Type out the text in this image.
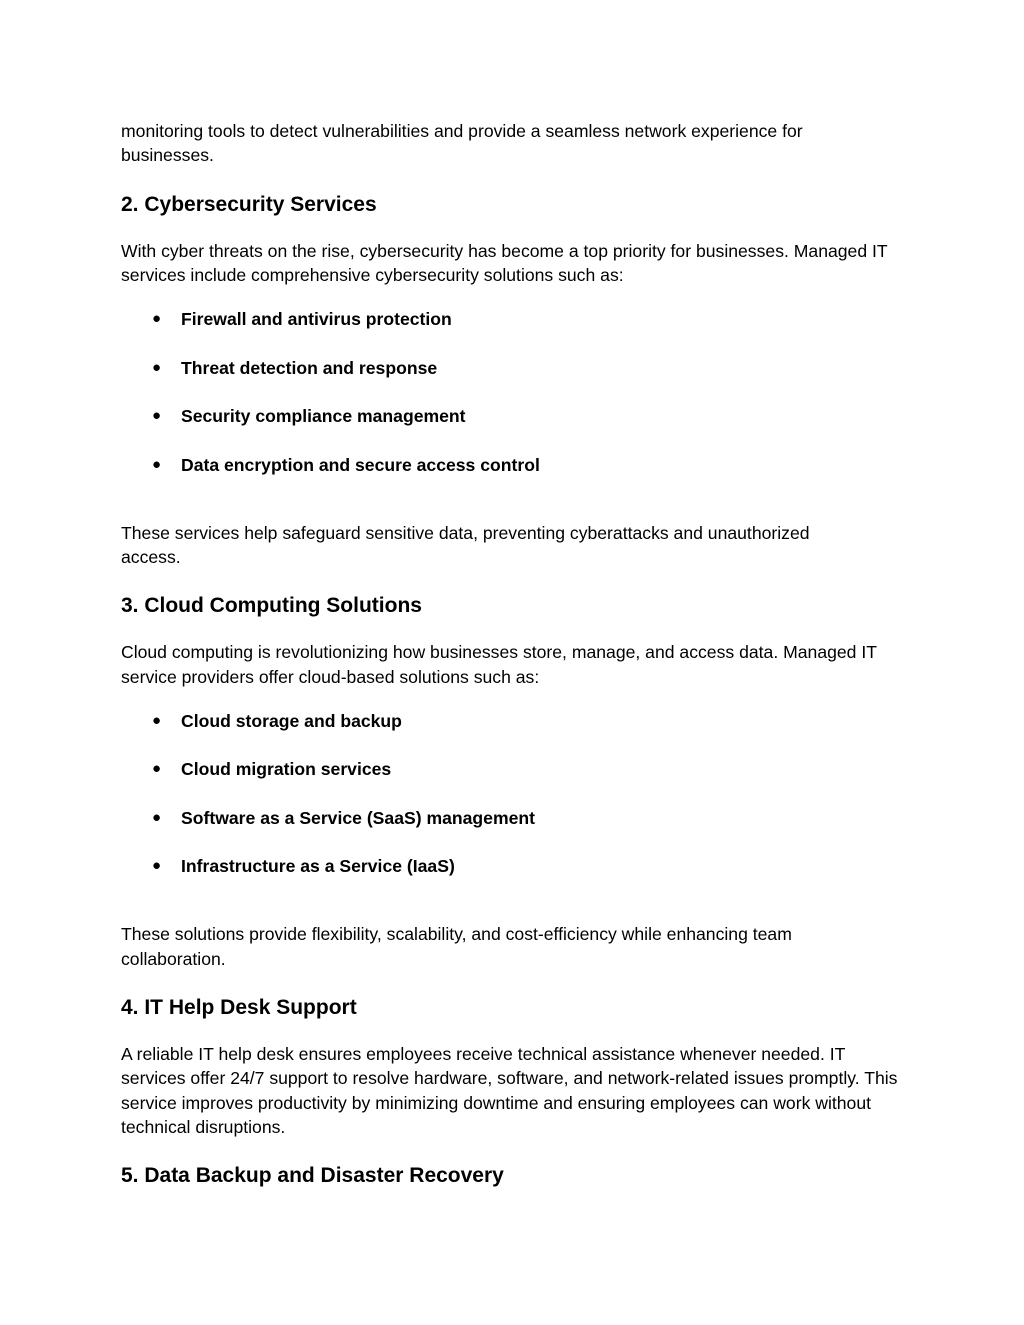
monitoring tools to detect vulnerabilities and provide a seamless network experience for businesses.

2. Cybersecurity Services

With cyber threats on the rise, cybersecurity has become a top priority for businesses. Managed IT services include comprehensive cybersecurity solutions such as:

● Firewall and antivirus protection
● Threat detection and response
● Security compliance management
● Data encryption and secure access control

These services help safeguard sensitive data, preventing cyberattacks and unauthorized access.

3. Cloud Computing Solutions

Cloud computing is revolutionizing how businesses store, manage, and access data. Managed IT service providers offer cloud-based solutions such as:

● Cloud storage and backup
● Cloud migration services
● Software as a Service (SaaS) management
● Infrastructure as a Service (IaaS)

These solutions provide flexibility, scalability, and cost-efficiency while enhancing team collaboration.

4. IT Help Desk Support

A reliable IT help desk ensures employees receive technical assistance whenever needed. IT services offer 24/7 support to resolve hardware, software, and network-related issues promptly. This service improves productivity by minimizing downtime and ensuring employees can work without technical disruptions.

5. Data Backup and Disaster Recovery
